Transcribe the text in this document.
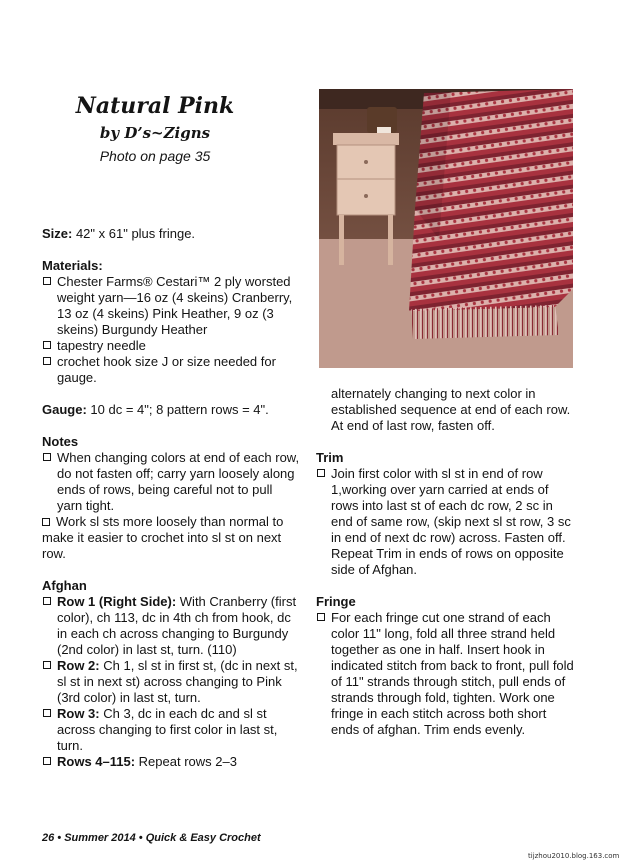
Natural Pink
by D’s~Zigns
Photo on page 35

Size: 42" x 61" plus fringe.

Materials:

Chester Farms® Cestari™ 2 ply worsted weight yarn—16 oz (4 skeins) Cranberry, 13 oz (4 skeins) Pink Heather, 9 oz (3 skeins) Burgundy Heather

tapestry needle

crochet hook size J or size needed for gauge.

Gauge: 10 dc = 4"; 8 pattern rows = 4".

Notes

When changing colors at end of each row, do not fasten off; carry yarn loosely along ends of rows, being careful not to pull yarn tight.

Work sl sts more loosely than normal to make it easier to crochet into sl st on next row.

Afghan

Row 1 (Right Side): With Cranberry (first color), ch 113, dc in 4th ch from hook, dc in each ch across changing to Burgundy (2nd color) in last st, turn. (110)

Row 2: Ch 1, sl st in first st, (dc in next st, sl st in next st) across changing to Pink (3rd color) in last st, turn.

Row 3: Ch 3, dc in each dc and sl st across changing to first color in last st, turn.

Rows 4–115: Repeat rows 2–3

alternately changing to next color in established sequence at end of each row. At end of last row, fasten off.

Trim

Join first color with sl st in end of row 1,working over yarn carried at ends of rows into last st of each dc row, 2 sc in end of same row, (skip next sl st row, 3 sc in end of next dc row) across. Fasten off. Repeat Trim in ends of rows on opposite side of Afghan.

Fringe

For each fringe cut one strand of each color 11" long, fold all three strand held together as one in half. Insert hook in indicated stitch from back to front, pull fold of 11" strands through stitch, pull ends of strands through fold, tighten. Work one fringe in each stitch across both short ends of afghan. Trim ends evenly.

26 • Summer 2014 • Quick & Easy Crochet
tijzhou2010.blog.163.com
